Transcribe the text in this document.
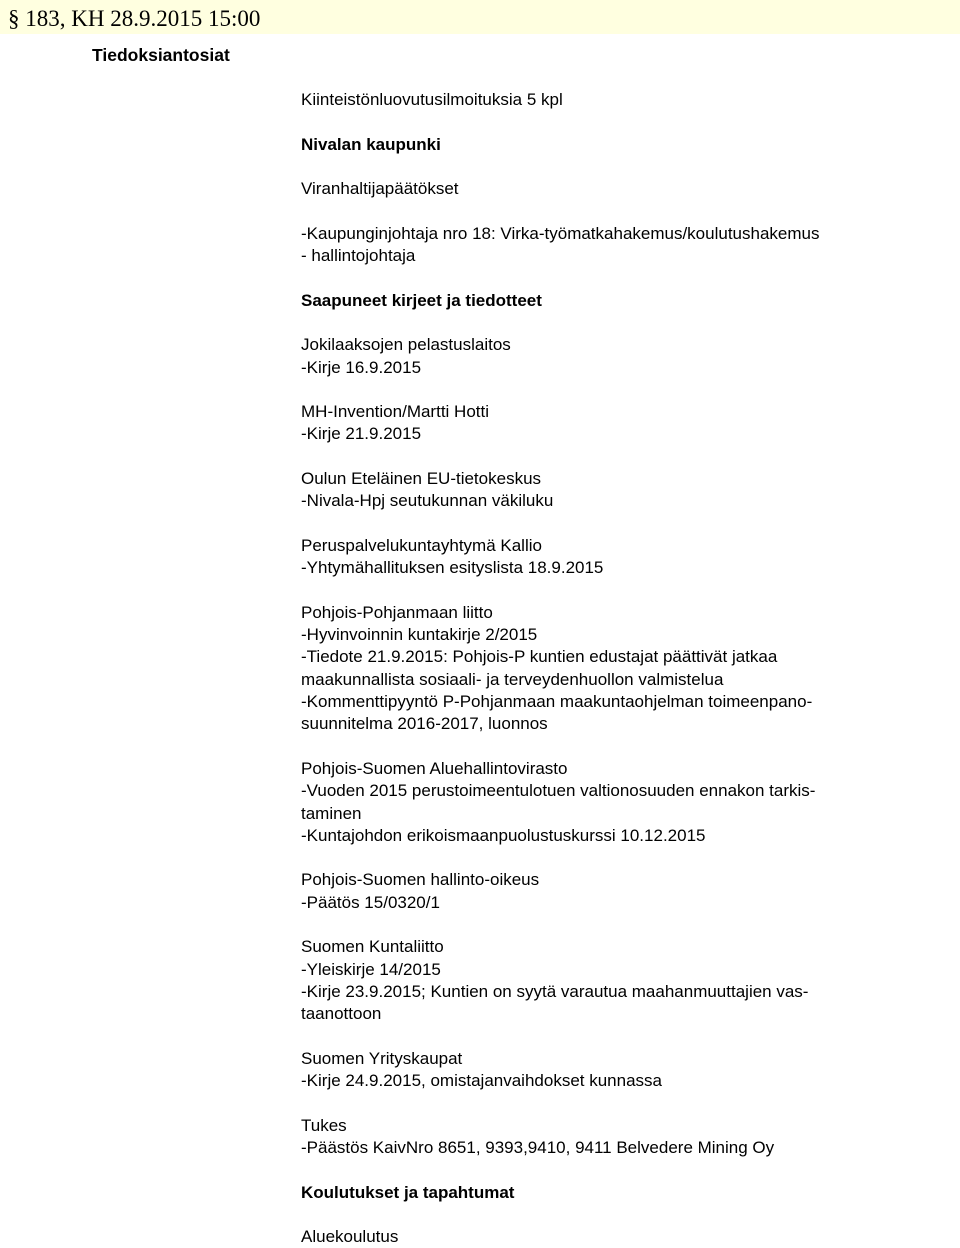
§ 183, KH 28.9.2015 15:00
Tiedoksiantosiat
Kiinteistönluovutusilmoituksia 5 kpl
Nivalan kaupunki
Viranhaltijapäätökset
-Kaupunginjohtaja nro 18: Virka-työmatkahakemus/koulutushakemus
- hallintojohtaja
Saapuneet kirjeet ja tiedotteet
Jokilaaksojen pelastuslaitos
-Kirje 16.9.2015
MH-Invention/Martti Hotti
-Kirje 21.9.2015
Oulun Eteläinen EU-tietokeskus
-Nivala-Hpj seutukunnan väkiluku
Peruspalvelukuntayhtymä Kallio
-Yhtymähallituksen esityslista 18.9.2015
Pohjois-Pohjanmaan liitto
-Hyvinvoinnin kuntakirje 2/2015
-Tiedote 21.9.2015: Pohjois-P kuntien edustajat päättivät jatkaa
maakunnallista sosiaali- ja terveydenhuollon valmistelua
-Kommenttipyyntö P-Pohjanmaan maakuntaohjelman toimeenpano-
suunnitelma 2016-2017, luonnos
Pohjois-Suomen Aluehallintovirasto
-Vuoden 2015 perustoimeentulotuen valtionosuuden ennakon tarkis-
taminen
-Kuntajohdon erikoismaanpuolustuskurssi 10.12.2015
Pohjois-Suomen hallinto-oikeus
-Päätös 15/0320/1
Suomen Kuntaliitto
-Yleiskirje 14/2015
-Kirje 23.9.2015; Kuntien on syytä varautua maahanmuuttajien vas-
taanottoon
Suomen Yrityskaupat
-Kirje 24.9.2015, omistajanvaihdokset kunnassa
Tukes
-Päästös KaivNro 8651, 9393,9410, 9411 Belvedere Mining Oy
Koulutukset ja tapahtumat
Aluekoulutus
